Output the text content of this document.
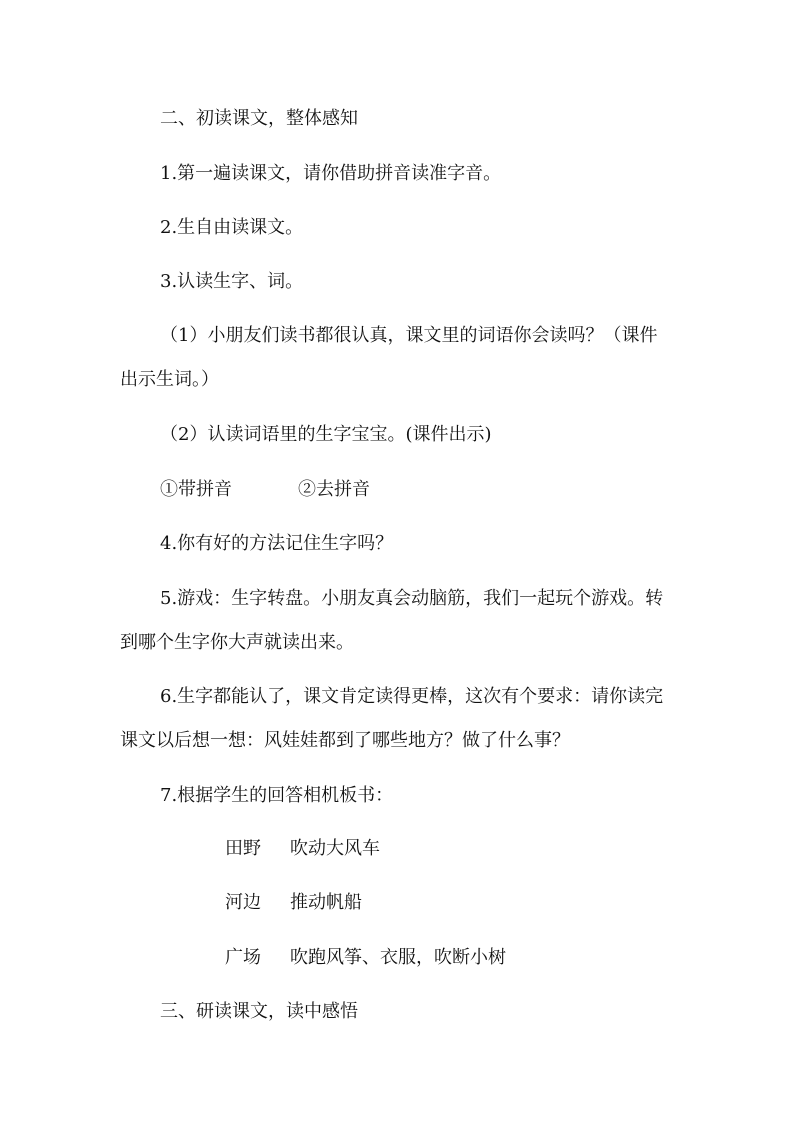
二、初读课文，整体感知
1.第一遍读课文，请你借助拼音读准字音。
2.生自由读课文。
3.认读生字、词。
（1）小朋友们读书都很认真，课文里的词语你会读吗？（课件
出示生词。）
（2）认读词语里的生字宝宝。(课件出示)
①带拼音	②去拼音
4.你有好的方法记住生字吗？
5.游戏：生字转盘。小朋友真会动脑筋，我们一起玩个游戏。转
到哪个生字你大声就读出来。
6.生字都能认了，课文肯定读得更棒，这次有个要求：请你读完
课文以后想一想：风娃娃都到了哪些地方？做了什么事？
7.根据学生的回答相机板书：
田野 吹动大风车
河边 推动帆船
广场 吹跑风筝、衣服，吹断小树
三、研读课文，读中感悟
